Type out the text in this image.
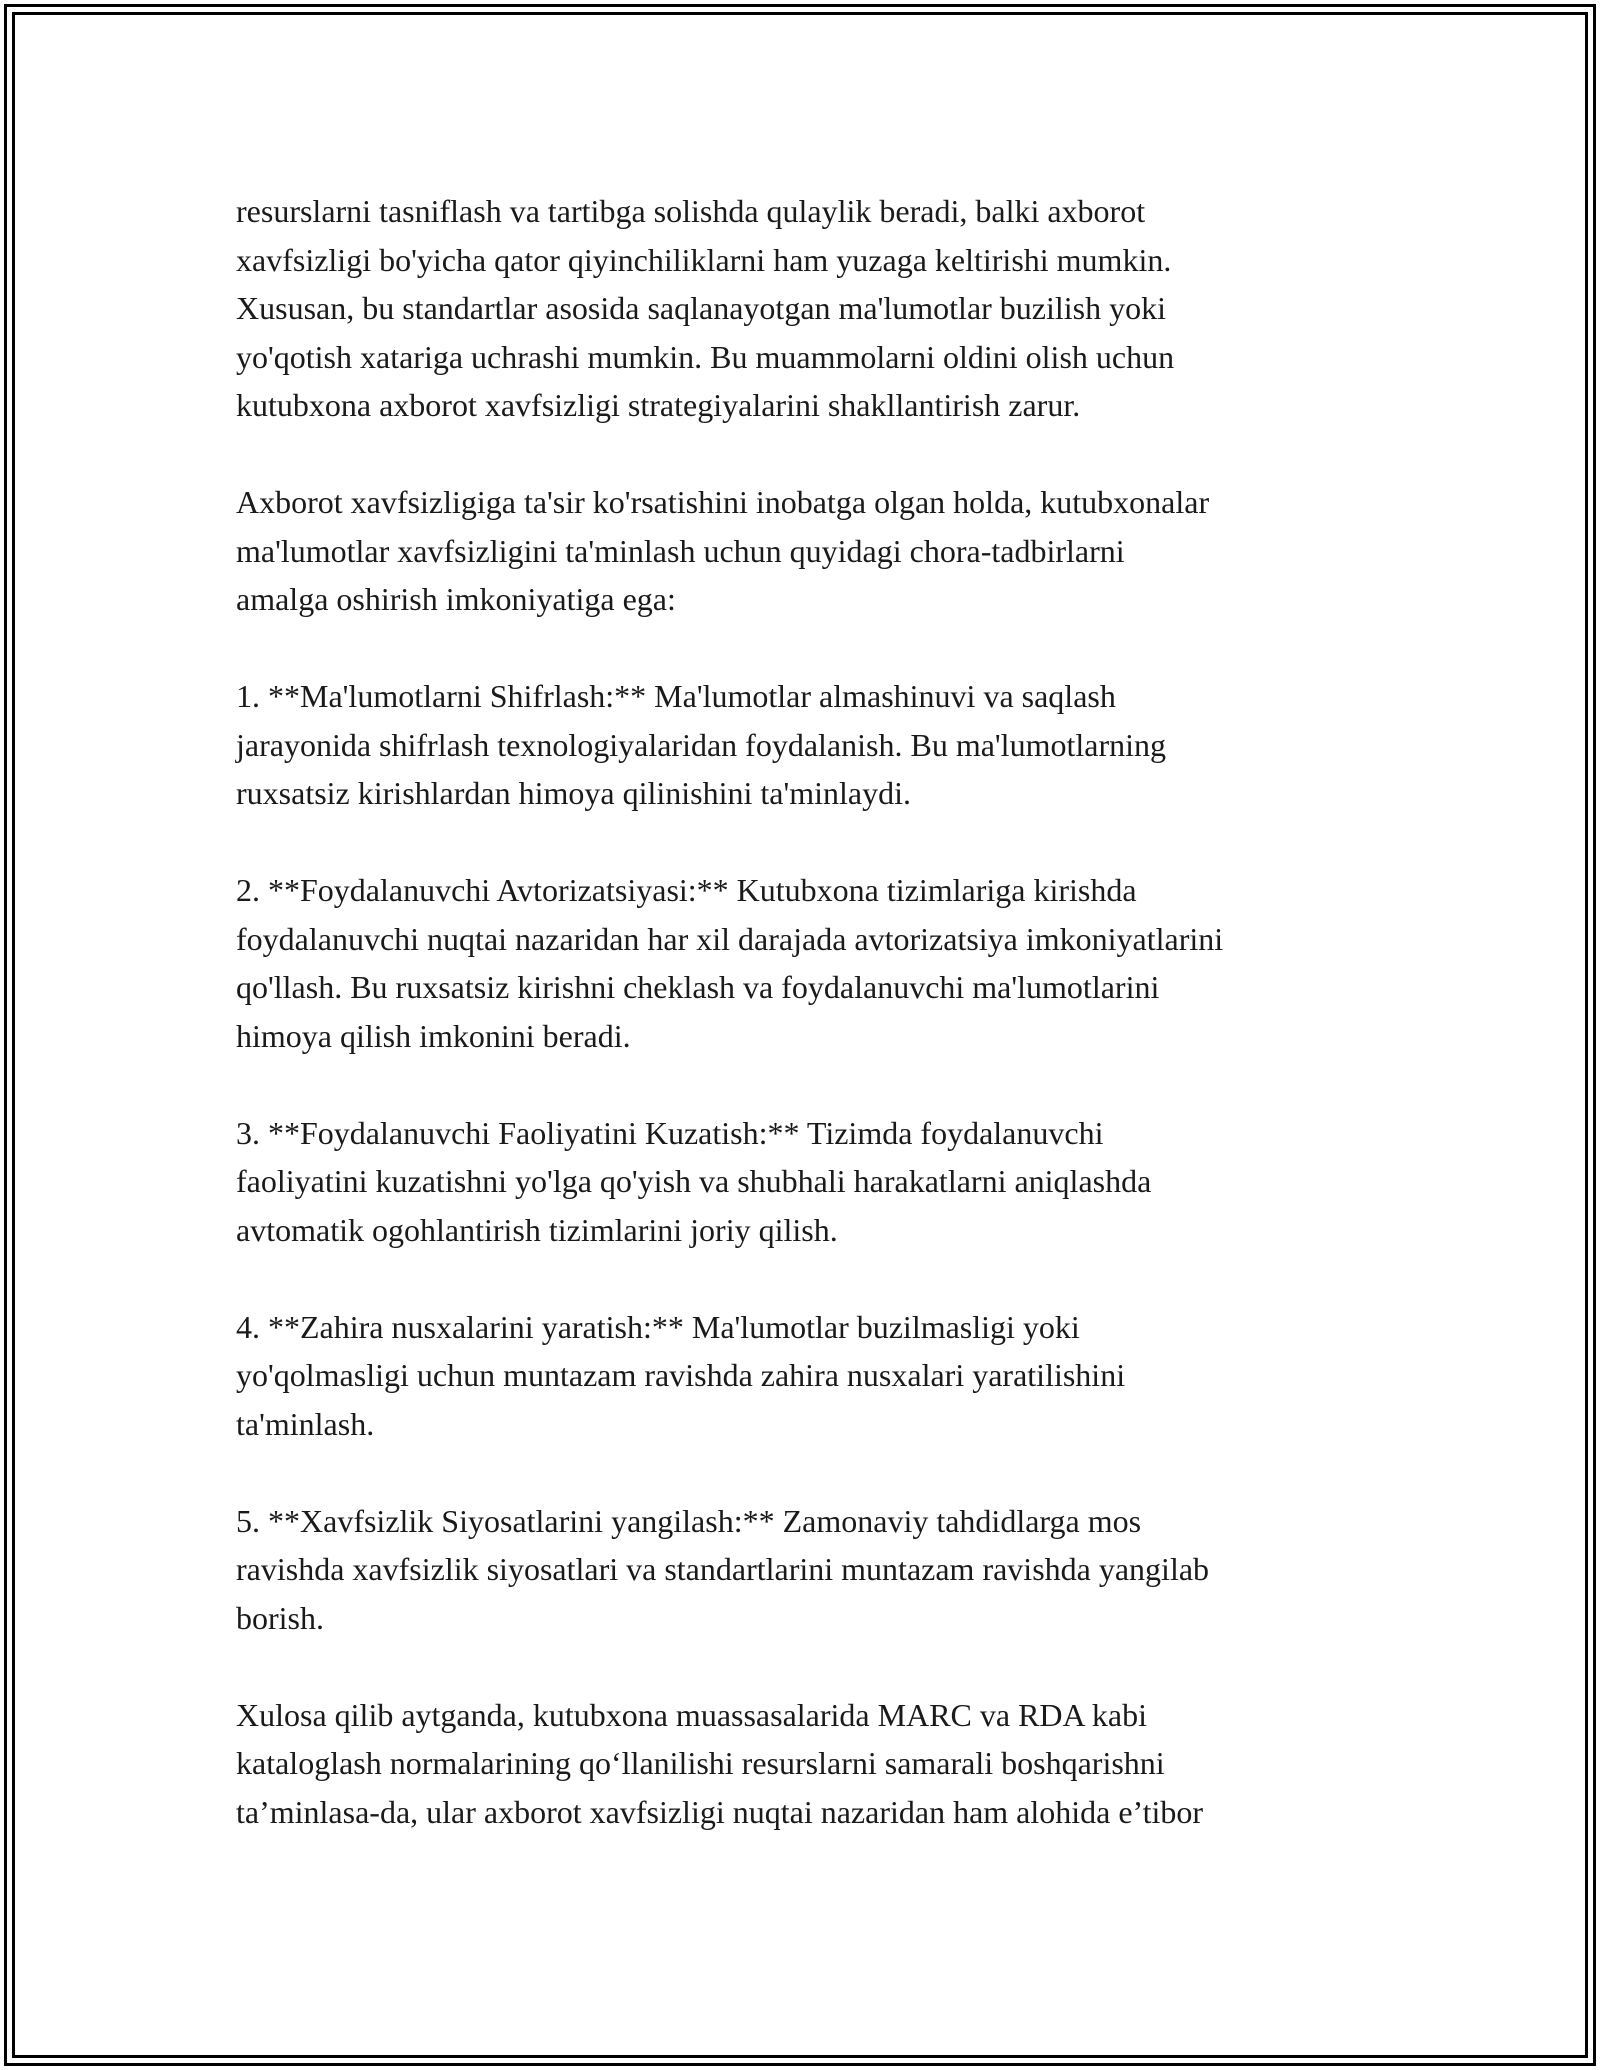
resurslarni tasniflash va tartibga solishda qulaylik beradi, balki axborot
xavfsizligi bo'yicha qator qiyinchiliklarni ham yuzaga keltirishi mumkin.
Xususan, bu standartlar asosida saqlanayotgan ma'lumotlar buzilish yoki
yo'qotish xatariga uchrashi mumkin. Bu muammolarni oldini olish uchun
kutubxona axborot xavfsizligi strategiyalarini shakllantirish zarur.
Axborot xavfsizligiga ta'sir ko'rsatishini inobatga olgan holda, kutubxonalar
ma'lumotlar xavfsizligini ta'minlash uchun quyidagi chora-tadbirlarni
amalga oshirish imkoniyatiga ega:
1. **Ma'lumotlarni Shifrlash:** Ma'lumotlar almashinuvi va saqlash
jarayonida shifrlash texnologiyalaridan foydalanish. Bu ma'lumotlarning
ruxsatsiz kirishlardan himoya qilinishini ta'minlaydi.
2. **Foydalanuvchi Avtorizatsiyasi:** Kutubxona tizimlariga kirishda
foydalanuvchi nuqtai nazaridan har xil darajada avtorizatsiya imkoniyatlarini
qo'llash. Bu ruxsatsiz kirishni cheklash va foydalanuvchi ma'lumotlarini
himoya qilish imkonini beradi.
3. **Foydalanuvchi Faoliyatini Kuzatish:** Tizimda foydalanuvchi
faoliyatini kuzatishni yo'lga qo'yish va shubhali harakatlarni aniqlashda
avtomatik ogohlantirish tizimlarini joriy qilish.
4. **Zahira nusxalarini yaratish:** Ma'lumotlar buzilmasligi yoki
yo'qolmasligi uchun muntazam ravishda zahira nusxalari yaratilishini
ta'minlash.
5. **Xavfsizlik Siyosatlarini yangilash:** Zamonaviy tahdidlarga mos
ravishda xavfsizlik siyosatlari va standartlarini muntazam ravishda yangilab
borish.
Xulosa qilib aytganda, kutubxona muassasalarida MARC va RDA kabi
kataloglash normalarining qo‘llanilishi resurslarni samarali boshqarishni
ta’minlasa-da, ular axborot xavfsizligi nuqtai nazaridan ham alohida e’tibor
